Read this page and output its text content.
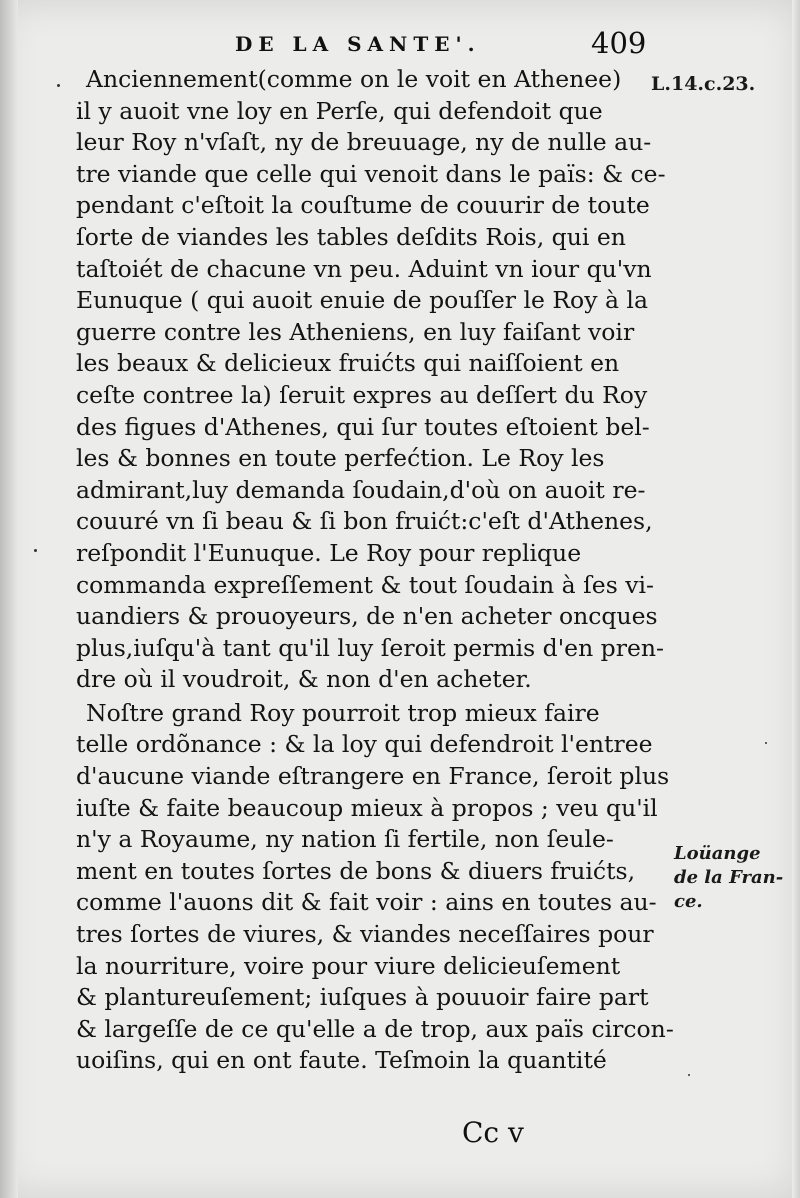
DE LA SANTE'.	409
L.14.c.23.
Loüange
de la Fran-
ce.
Anciennement(comme on le voit en Athenee)
il y auoit vne loy en Perſe, qui defendoit que
leur Roy n'vſaſt, ny de breuuage, ny de nulle au-
tre viande que celle qui venoit dans le païs: & ce-
pendant c'eſtoit la couſtume de couurir de toute
ſorte de viandes les tables deſdits Rois, qui en
taſtoiét de chacune vn peu. Aduint vn iour qu'vn
Eunuque ( qui auoit enuie de pouſſer le Roy à la
guerre contre les Atheniens, en luy faiſant voir
les beaux & delicieux fruićts qui naiſſoient en
ceſte contree la) ſeruit expres au deſſert du Roy
des figues d'Athenes, qui ſur toutes eſtoient bel-
les & bonnes en toute perfećtion. Le Roy les
admirant,luy demanda ſoudain,d'où on auoit re-
couuré vn ſi beau & ſi bon fruićt:c'eſt d'Athenes,
reſpondit l'Eunuque. Le Roy pour replique
commanda expreſſement & tout ſoudain à ſes vi-
uandiers & prouoyeurs, de n'en acheter oncques
plus,iuſqu'à tant qu'il luy ſeroit permis d'en pren-
dre où il voudroit, & non d'en acheter.
Noſtre grand Roy pourroit trop mieux faire
telle ordõnance : & la loy qui defendroit l'entree
d'aucune viande eſtrangere en France, ſeroit plus
iuſte & faite beaucoup mieux à propos ; veu qu'il
n'y a Royaume, ny nation ſi fertile, non ſeule-
ment en toutes ſortes de bons & diuers fruićts,
comme l'auons dit & fait voir : ains en toutes au-
tres ſortes de viures, & viandes neceſſaires pour
la nourriture, voire pour viure delicieuſement
& plantureuſement; iuſques à pouuoir faire part
& largeſſe de ce qu'elle a de trop, aux païs circon-
uoiſins, qui en ont faute. Teſmoin la quantité
Cc v
